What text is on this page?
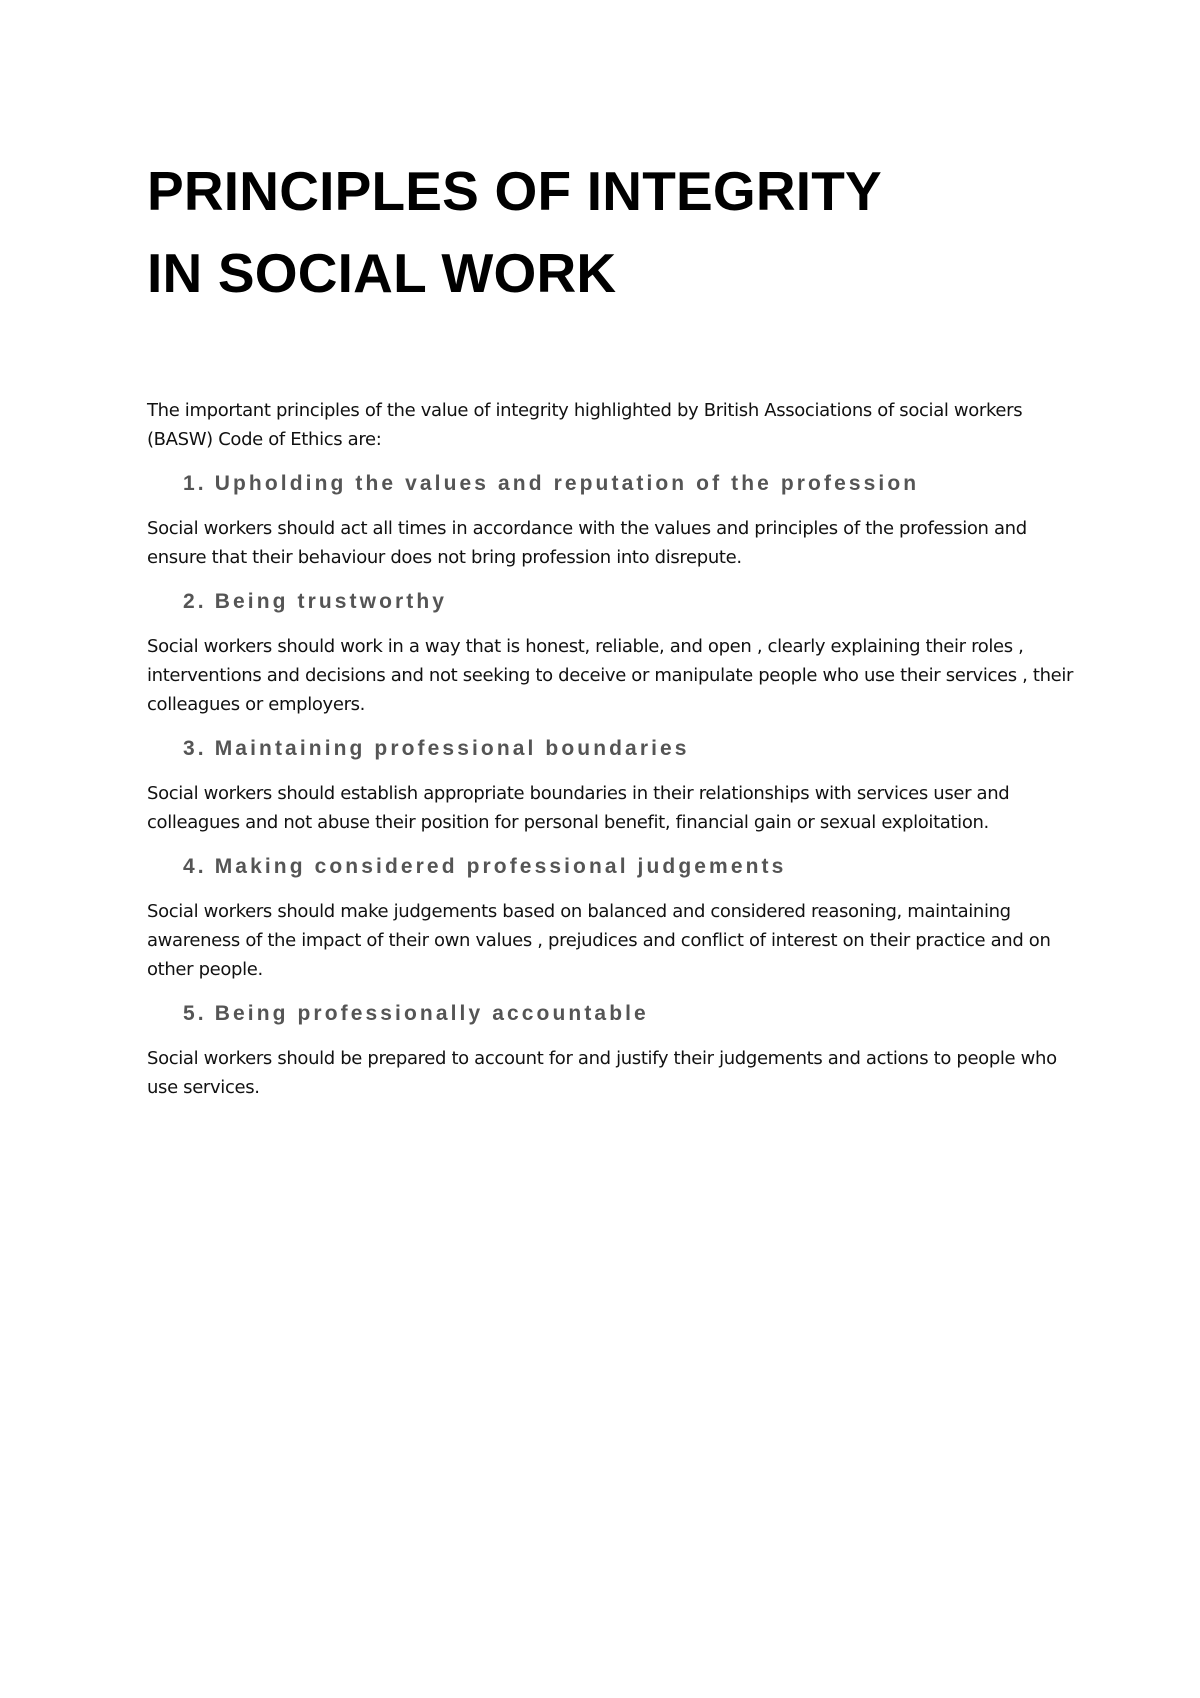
PRINCIPLES OF INTEGRITY
IN SOCIAL WORK

The important principles of the value of integrity highlighted by British Associations of social workers (BASW) Code of Ethics are:

1. Upholding the values and reputation of the profession

Social workers should act all times in accordance with the values and principles of the profession and ensure that their behaviour does not bring profession into disrepute.

2. Being trustworthy

Social workers should work in a way that is honest, reliable, and open , clearly explaining their roles , interventions and decisions and not seeking to deceive or manipulate people who use their services , their colleagues or employers.

3. Maintaining professional boundaries

Social workers should establish appropriate boundaries in their relationships with services user and colleagues and not abuse their position for personal benefit, financial gain or sexual exploitation.

4. Making considered professional judgements

Social workers should make judgements based on balanced and considered reasoning, maintaining awareness of the impact of their own values , prejudices and conflict of interest on their practice and on other people.

5. Being professionally accountable

Social workers should be prepared to account for and justify their judgements and actions to people who use services.
